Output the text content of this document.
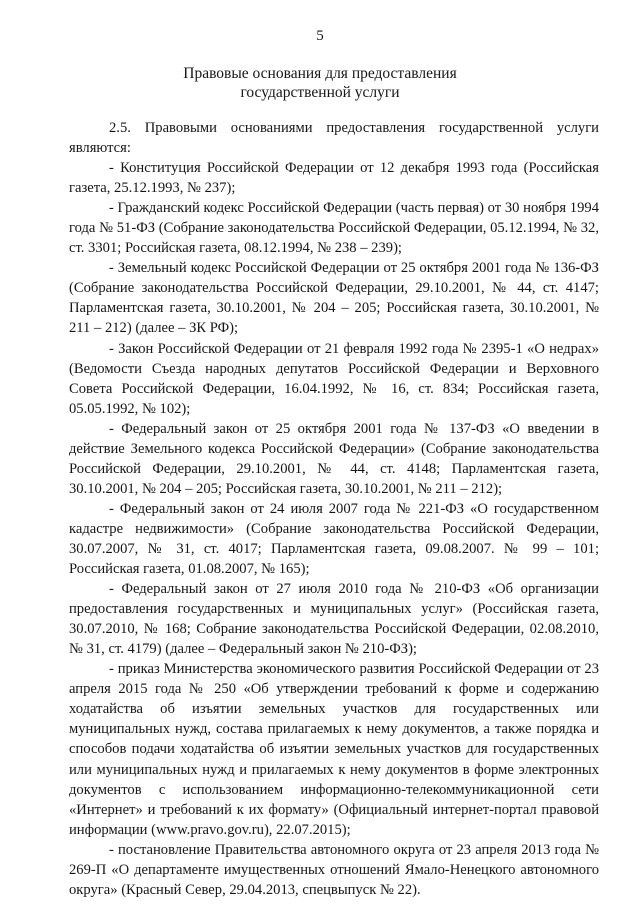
5
Правовые основания для предоставления
государственной услуги

2.5. Правовыми основаниями предоставления государственной услуги являются:

- Конституция Российской Федерации от 12 декабря 1993 года (Российская газета, 25.12.1993, № 237);

- Гражданский кодекс Российской Федерации (часть первая) от 30 ноября 1994 года № 51-ФЗ (Собрание законодательства Российской Федерации, 05.12.1994, № 32, ст. 3301; Российская газета, 08.12.1994, № 238 – 239);

- Земельный кодекс Российской Федерации от 25 октября 2001 года № 136-ФЗ (Собрание законодательства Российской Федерации, 29.10.2001, № 44, ст. 4147; Парламентская газета, 30.10.2001, № 204 – 205; Российская газета, 30.10.2001, № 211 – 212) (далее – ЗК РФ);

- Закон Российской Федерации от 21 февраля 1992 года № 2395-1 «О недрах» (Ведомости Съезда народных депутатов Российской Федерации и Верховного Совета Российской Федерации, 16.04.1992, № 16, ст. 834; Российская газета, 05.05.1992, № 102);

- Федеральный закон от 25 октября 2001 года № 137-ФЗ «О введении в действие Земельного кодекса Российской Федерации» (Собрание законодательства Российской Федерации, 29.10.2001, № 44, ст. 4148; Парламентская газета, 30.10.2001, № 204 – 205; Российская газета, 30.10.2001, № 211 – 212);

- Федеральный закон от 24 июля 2007 года № 221-ФЗ «О государственном кадастре недвижимости» (Собрание законодательства Российской Федерации, 30.07.2007, № 31, ст. 4017; Парламентская газета, 09.08.2007. № 99 – 101; Российская газета, 01.08.2007, № 165);

- Федеральный закон от 27 июля 2010 года № 210-ФЗ «Об организации предоставления государственных и муниципальных услуг» (Российская газета, 30.07.2010, № 168; Собрание законодательства Российской Федерации, 02.08.2010, № 31, ст. 4179) (далее – Федеральный закон № 210-ФЗ);

- приказ Министерства экономического развития Российской Федерации от 23 апреля 2015 года № 250 «Об утверждении требований к форме и содержанию ходатайства об изъятии земельных участков для государственных или муниципальных нужд, состава прилагаемых к нему документов, а также порядка и способов подачи ходатайства об изъятии земельных участков для государственных или муниципальных нужд и прилагаемых к нему документов в форме электронных документов с использованием информационно-телекоммуникационной сети «Интернет» и требований к их формату» (Официальный интернет-портал правовой информации (www.pravo.gov.ru), 22.07.2015);

- постановление Правительства автономного округа от 23 апреля 2013 года № 269-П «О департаменте имущественных отношений Ямало-Ненецкого автономного округа» (Красный Север, 29.04.2013, спецвыпуск № 22).
